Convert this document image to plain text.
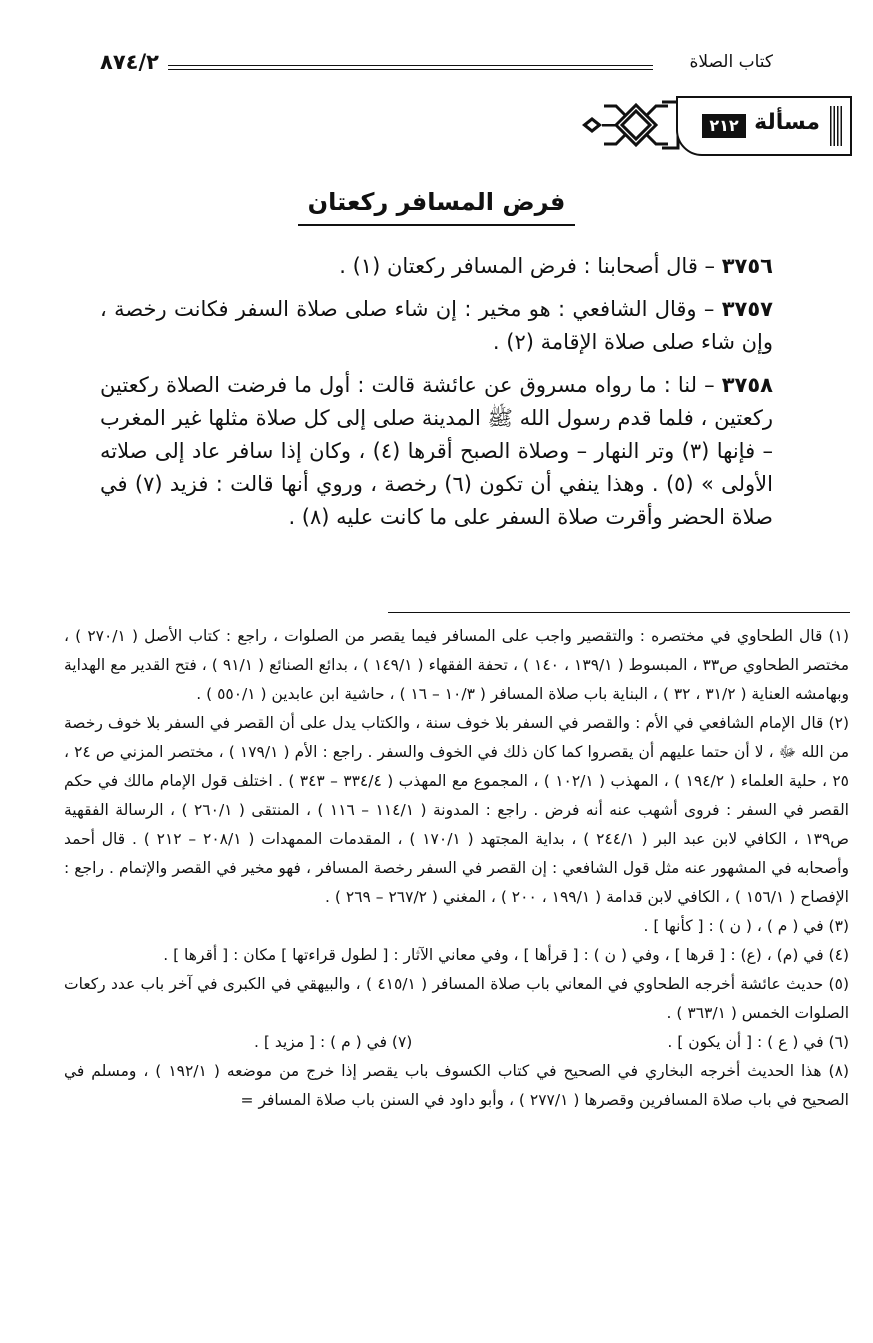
٨٧٤/٢	كتاب الصلاة
مسألة
٢١٢
فرض المسافر ركعتان

٣٧٥٦ – قال أصحابنا : فرض المسافر ركعتان (١) .

٣٧٥٧ – وقال الشافعي : هو مخير : إن شاء صلى صلاة السفر فكانت رخصة ، وإن شاء صلى صلاة الإقامة (٢) .

٣٧٥٨ – لنا : ما رواه مسروق عن عائشة قالت : أول ما فرضت الصلاة ركعتين ركعتين ، فلما قدم رسول الله ﷺ المدينة صلى إلى كل صلاة مثلها غير المغرب – فإنها (٣) وتر النهار – وصلاة الصبح أقرها (٤) ، وكان إذا سافر عاد إلى صلاته الأولى » (٥) . وهذا ينفي أن تكون (٦) رخصة ، وروي أنها قالت : فزيد (٧) في صلاة الحضر وأقرت صلاة السفر على ما كانت عليه (٨) .

(١) قال الطحاوي في مختصره : والتقصير واجب على المسافر فيما يقصر من الصلوات ، راجع : كتاب الأصل ( ٢٧٠/١ ) ، مختصر الطحاوي ص٣٣ ، المبسوط ( ١٣٩/١ ، ١٤٠ ) ، تحفة الفقهاء ( ١٤٩/١ ) ، بدائع الصنائع ( ٩١/١ ) ، فتح القدير مع الهداية وبهامشه العناية ( ٣١/٢ ، ٣٢ ) ، البناية باب صلاة المسافر ( ١٠/٣ – ١٦ ) ، حاشية ابن عابدين ( ٥٥٠/١ ) .

(٢) قال الإمام الشافعي في الأم : والقصر في السفر بلا خوف سنة ، والكتاب يدل على أن القصر في السفر بلا خوف رخصة من الله ﷻ ، لا أن حتما عليهم أن يقصروا كما كان ذلك في الخوف والسفر . راجع : الأم ( ١٧٩/١ ) ، مختصر المزني ص ٢٤ ، ٢٥ ، حلية العلماء ( ١٩٤/٢ ) ، المهذب ( ١٠٢/١ ) ، المجموع مع المهذب ( ٣٣٤/٤ – ٣٤٣ ) . اختلف قول الإمام مالك في حكم القصر في السفر : فروى أشهب عنه أنه فرض . راجع : المدونة ( ١١٤/١ – ١١٦ ) ، المنتقى ( ٢٦٠/١ ) ، الرسالة الفقهية ص١٣٩ ، الكافي لابن عبد البر ( ٢٤٤/١ ) ، بداية المجتهد ( ١٧٠/١ ) ، المقدمات الممهدات ( ٢٠٨/١ – ٢١٢ ) . قال أحمد وأصحابه في المشهور عنه مثل قول الشافعي : إن القصر في السفر رخصة المسافر ، فهو مخير في القصر والإتمام . راجع : الإفصاح ( ١٥٦/١ ) ، الكافي لابن قدامة ( ١٩٩/١ ، ٢٠٠ ) ، المغني ( ٢٦٧/٢ – ٢٦٩ ) .

(٣) في ( م ) ، ( ن ) : [ كأنها ] .

(٤) في (م) ، (ع) : [ قرها ] ، وفي ( ن ) : [ قرأها ] ، وفي معاني الآثار : [ لطول قراءتها ] مكان : [ أقرها ] .

(٥) حديث عائشة أخرجه الطحاوي في المعاني باب صلاة المسافر ( ٤١٥/١ ) ، والبيهقي في الكبرى في آخر باب عدد ركعات الصلوات الخمس ( ٣٦٣/١ ) .

(٦) في ( ع ) : [ أن يكون ] .
(٧) في ( م ) : [ مزيد ] .

(٨) هذا الحديث أخرجه البخاري في الصحيح في كتاب الكسوف باب يقصر إذا خرج من موضعه ( ١٩٢/١ ) ، ومسلم في الصحيح في باب صلاة المسافرين وقصرها ( ٢٧٧/١ ) ، وأبو داود في السنن باب صلاة المسافر =
